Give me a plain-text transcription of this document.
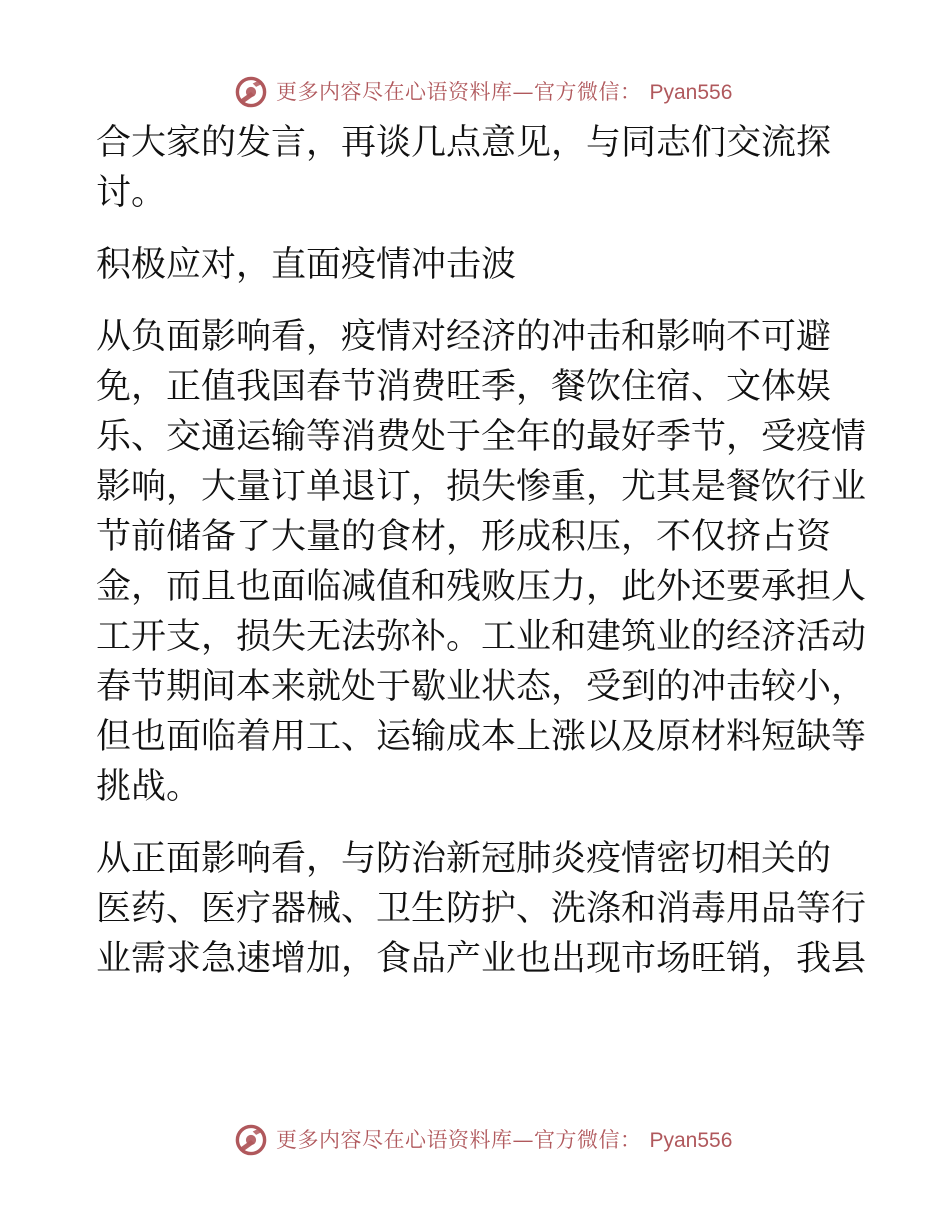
更多内容尽在心语资料库—官方微信： Pyan556
合大家的发言，再谈几点意见，与同志们交流探
讨。
积极应对，直面疫情冲击波
从负面影响看，疫情对经济的冲击和影响不可避
免，正值我国春节消费旺季，餐饮住宿、文体娱
乐、交通运输等消费处于全年的最好季节，受疫情
影响，大量订单退订，损失惨重，尤其是餐饮行业
节前储备了大量的食材，形成积压，不仅挤占资
金，而且也面临减值和残败压力，此外还要承担人
工开支，损失无法弥补。工业和建筑业的经济活动
春节期间本来就处于歇业状态，受到的冲击较小，
但也面临着用工、运输成本上涨以及原材料短缺等
挑战。
从正面影响看，与防治新冠肺炎疫情密切相关的
医药、医疗器械、卫生防护、洗涤和消毒用品等行
业需求急速增加，食品产业也出现市场旺销，我县
更多内容尽在心语资料库—官方微信： Pyan556
